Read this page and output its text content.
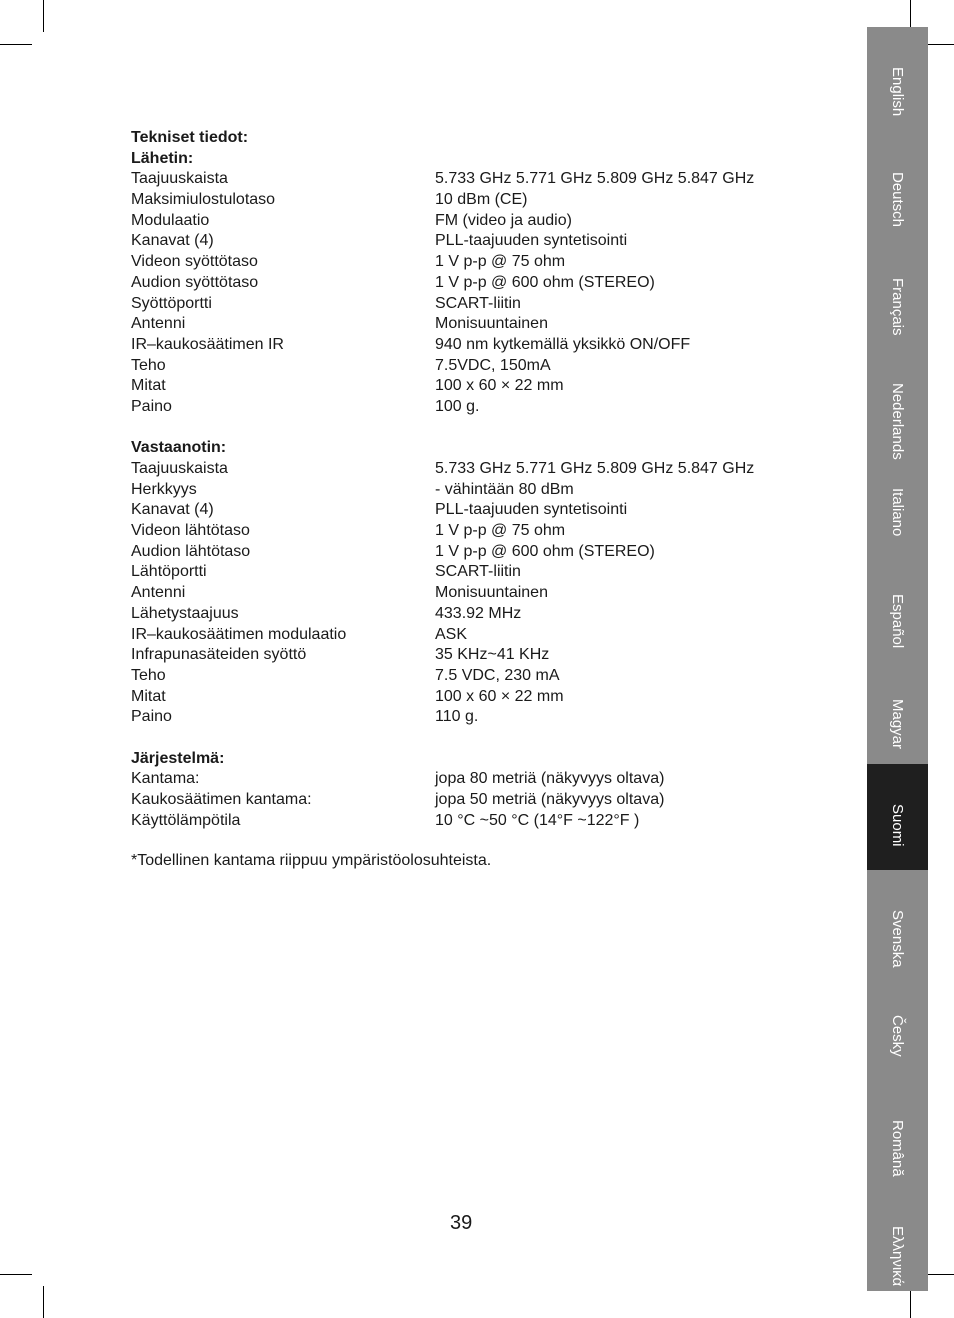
Tekniset tiedot:
Lähetin:
Taajuuskaista	5.733 GHz 5.771 GHz 5.809 GHz 5.847 GHz
Maksimiulostulotaso	10 dBm (CE)
Modulaatio	FM (video ja audio)
Kanavat (4)	PLL-taajuuden syntetisointi
Videon syöttötaso	1 V p-p @ 75 ohm
Audion syöttötaso	1 V p-p @ 600 ohm (STEREO)
Syöttöportti	SCART-liitin
Antenni	Monisuuntainen
IR–kaukosäätimen IR	940 nm kytkemällä yksikkö ON/OFF
Teho	7.5VDC, 150mA
Mitat	100 x 60 × 22 mm
Paino	100 g.
Vastaanotin:
Taajuuskaista	5.733 GHz 5.771 GHz 5.809 GHz 5.847 GHz
Herkkyys	- vähintään 80 dBm
Kanavat (4)	PLL-taajuuden syntetisointi
Videon lähtötaso	1 V p-p @ 75 ohm
Audion lähtötaso	1 V p-p @ 600 ohm (STEREO)
Lähtöportti	SCART-liitin
Antenni	Monisuuntainen
Lähetystaajuus	433.92 MHz
IR–kaukosäätimen modulaatio	ASK
Infrapunasäteiden syöttö	35 KHz~41 KHz
Teho	7.5 VDC, 230 mA
Mitat	100 x 60 × 22 mm
Paino	110 g.
Järjestelmä:
Kantama:	jopa 80 metriä (näkyvyys oltava)
Kaukosäätimen kantama:	jopa 50 metriä (näkyvyys oltava)
Käyttölämpötila	10 °C ~50 °C (14°F ~122°F )
*Todellinen kantama riippuu ympäristöolosuhteista.
39
English
Deutsch
Français
Nederlands
Italiano
Español
Magyar
Suomi
Svenska
Česky
Română
Ελληνικά
